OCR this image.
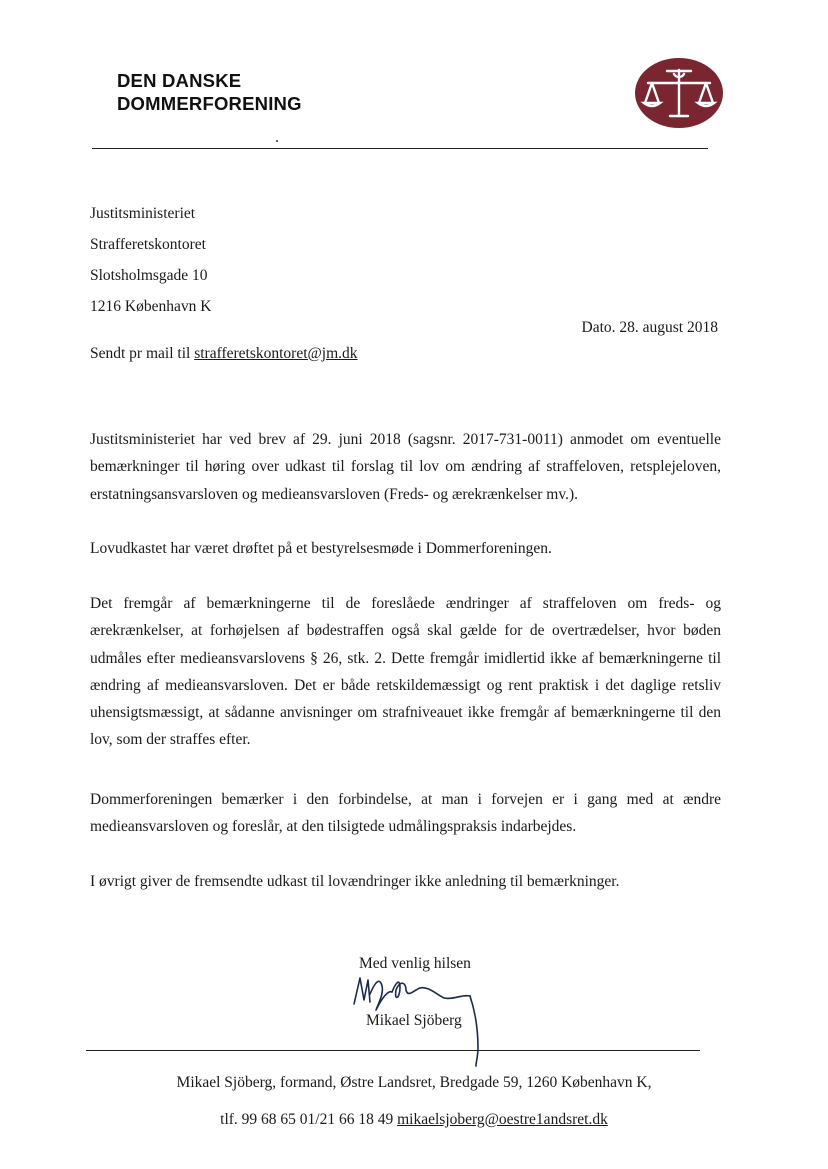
DEN DANSKE
DOMMERFORENING
Justitsministeriet
Strafferetskontoret
Slotsholmsgade 10
1216 København K
Dato. 28. august 2018
Sendt pr mail til strafferetskontoret@jm.dk

Justitsministeriet har ved brev af 29. juni 2018 (sagsnr. 2017-731-0011) anmodet om eventuelle bemærkninger til høring over udkast til forslag til lov om ændring af straffeloven, retsplejeloven, erstatningsansvarsloven og medieansvarsloven (Freds- og ærekrænkelser mv.).

Lovudkastet har været drøftet på et bestyrelsesmøde i Dommerforeningen.

Det fremgår af bemærkningerne til de foreslåede ændringer af straffeloven om freds- og ærekrænkelser, at forhøjelsen af bødestraffen også skal gælde for de overtrædelser, hvor bøden udmåles efter medieansvarslovens § 26, stk. 2. Dette fremgår imidlertid ikke af bemærkningerne til ændring af medieansvarsloven. Det er både retskildemæssigt og rent praktisk i det daglige retsliv uhensigtsmæssigt, at sådanne anvisninger om strafniveauet ikke fremgår af bemærkningerne til den lov, som der straffes efter.

Dommerforeningen bemærker i den forbindelse, at man i forvejen er i gang med at ændre medieansvarsloven og foreslår, at den tilsigtede udmålingspraksis indarbejdes.

I øvrigt giver de fremsendte udkast til lovændringer ikke anledning til bemærkninger.

Med venlig hilsen
Mikael Sjöberg
Mikael Sjöberg, formand, Østre Landsret, Bredgade 59, 1260 København K,
tlf. 99 68 65 01/21 66 18 49 mikaelsjoberg@oestre1andsret.dk
